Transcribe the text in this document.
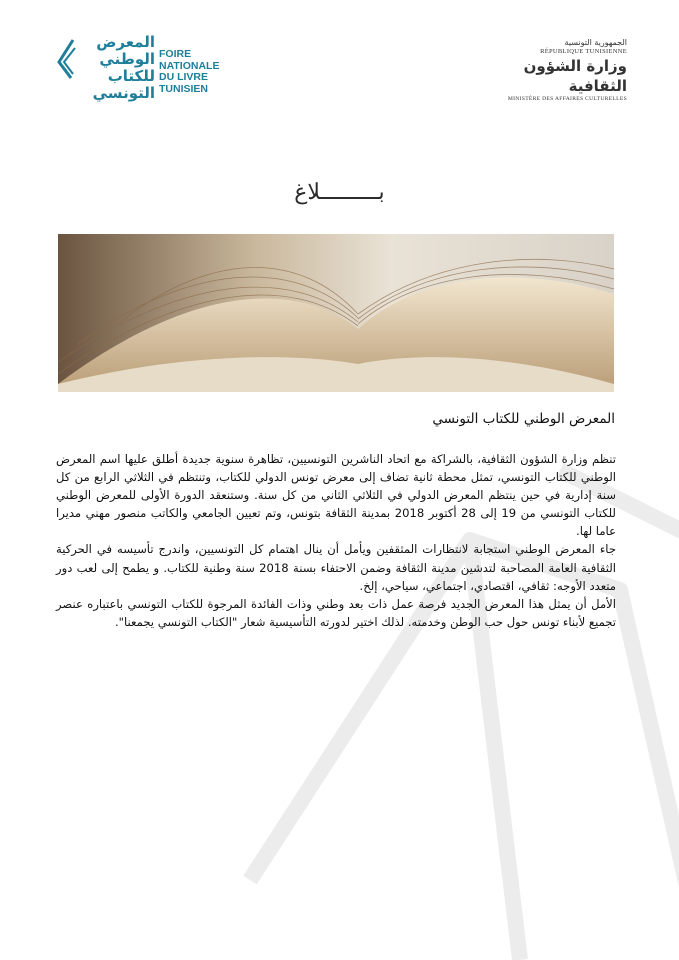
المعرض الوطني
للكتاب
التونسي
FOIRE
NATIONALE
DU LIVRE
TUNISIEN
الجمهورية التونسية
RÉPUBLIQUE TUNISIENNE
وزارة الشؤون الثقافية
MINISTÈRE DES AFFAIRES CULTURELLES
بـــــــــلاغ
المعرض الوطني للكتاب التونسي

تنظم وزارة الشؤون الثقافية، بالشراكة مع اتحاد الناشرين التونسيين، تظاهرة سنوية جديدة أطلق عليها اسم المعرض الوطني للكتاب التونسي، تمثل محطة ثانية تضاف إلى معرض تونس الدولي للكتاب، وتنتظم في الثلاثي الرابع من كل سنة إدارية في حين ينتظم المعرض الدولي في الثلاثي الثاني من كل سنة. وستنعقد الدورة الأولى للمعرض الوطني للكتاب التونسي من 19 إلى 28 أكتوبر 2018 بمدينة الثقافة بتونس، وتم تعيين الجامعي والكاتب منصور مهني مديرا عاما لها.

جاء المعرض الوطني استجابة لانتظارات المثقفين ويأمل أن ينال اهتمام كل التونسيين، واندرج تأسيسه في الحركية الثقافية العامة المصاحبة لتدشين مدينة الثقافة وضمن الاحتفاء بسنة 2018 سنة وطنية للكتاب. و يطمح إلى لعب دور متعدد الأوجه: ثقافي، اقتصادي، اجتماعي، سياحي، إلخ.

الأمل أن يمثل هذا المعرض الجديد فرصة عمل ذات بعد وطني وذات الفائدة المرجوة للكتاب التونسي باعتباره عنصر تجميع لأبناء تونس حول حب الوطن وخدمته. لذلك اختير لدورته التأسيسية شعار "الكتاب التونسي يجمعنا".
